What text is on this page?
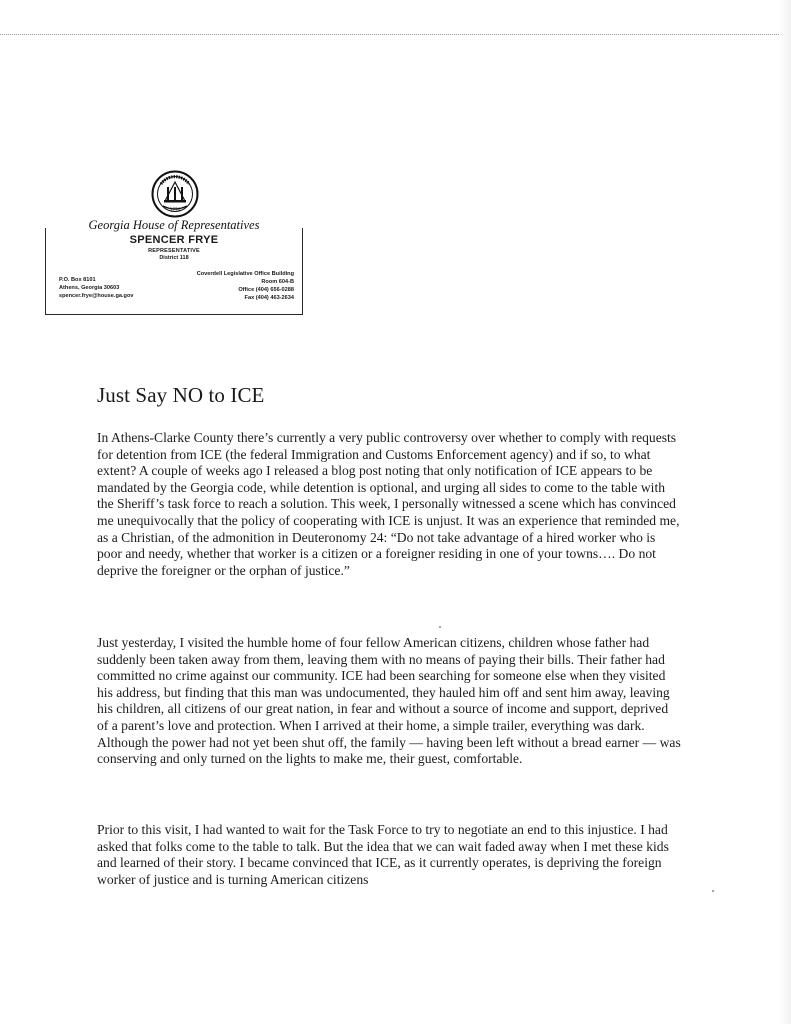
1776
Georgia House of Representatives
SPENCER FRYE
REPRESENTATIVE
District 118
P.O. Box 8101
Athens, Georgia 30603
spencer.frye@house.ga.gov
Coverdell Legislative Office Building
Room 604-B
Office (404) 656-0288
Fax (404) 463-2634
Just Say NO to ICE

In Athens-Clarke County there’s currently a very public controversy over whether to comply with requests for detention from ICE (the federal Immigration and Customs Enforcement agency) and if so, to what extent? A couple of weeks ago I released a blog post noting that only notification of ICE appears to be mandated by the Georgia code, while detention is optional, and urging all sides to come to the table with the Sheriff’s task force to reach a solution. This week, I personally witnessed a scene which has convinced me unequivocally that the policy of cooperating with ICE is unjust. It was an experience that reminded me, as a Christian, of the admonition in Deuteronomy 24: “Do not take advantage of a hired worker who is poor and needy, whether that worker is a citizen or a foreigner residing in one of your towns…. Do not deprive the foreigner or the orphan of justice.”

Just yesterday, I visited the humble home of four fellow American citizens, children whose father had suddenly been taken away from them, leaving them with no means of paying their bills. Their father had committed no crime against our community. ICE had been searching for someone else when they visited his address, but finding that this man was undocumented, they hauled him off and sent him away, leaving his children, all citizens of our great nation, in fear and without a source of income and support, deprived of a parent’s love and protection. When I arrived at their home, a simple trailer, everything was dark. Although the power had not yet been shut off, the family — having been left without a bread earner — was conserving and only turned on the lights to make me, their guest, comfortable.

Prior to this visit, I had wanted to wait for the Task Force to try to negotiate an end to this injustice. I had asked that folks come to the table to talk. But the idea that we can wait faded away when I met these kids and learned of their story. I became convinced that ICE, as it currently operates, is depriving the foreign worker of justice and is turning American citizens
